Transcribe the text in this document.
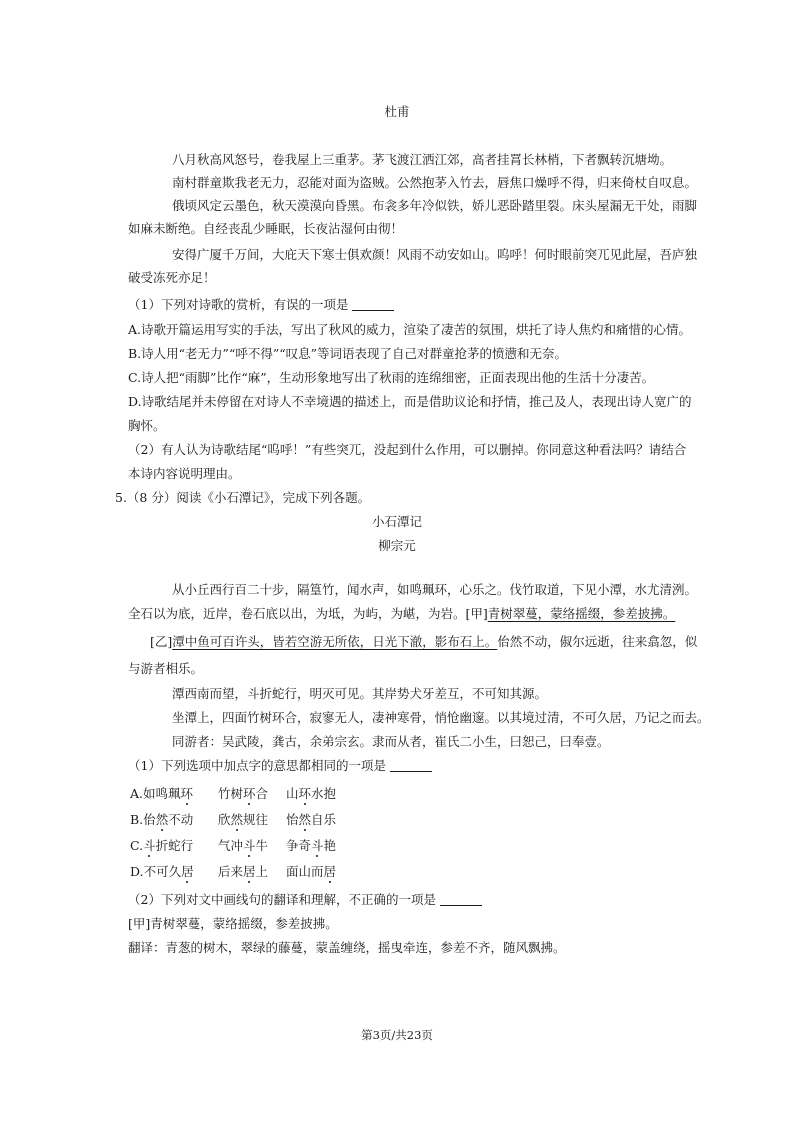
杜甫
八月秋高风怒号，卷我屋上三重茅。茅飞渡江洒江郊，高者挂罥长林梢，下者飘转沉塘坳。
南村群童欺我老无力，忍能对面为盗贼。公然抱茅入竹去，唇焦口燥呼不得，归来倚杖自叹息。
俄顷风定云墨色，秋天漠漠向昏黑。布衾多年冷似铁，娇儿恶卧踏里裂。床头屋漏无干处，雨脚
如麻未断绝。自经丧乱少睡眠，长夜沾湿何由彻！
安得广厦千万间，大庇天下寒士俱欢颜！风雨不动安如山。呜呼！何时眼前突兀见此屋，吾庐独
破受冻死亦足！
（1）下列对诗歌的赏析，有误的一项是
A.诗歌开篇运用写实的手法，写出了秋风的威力，渲染了凄苦的氛围，烘托了诗人焦灼和痛惜的心情。
B.诗人用“老无力”“呼不得”“叹息”等词语表现了自己对群童抢茅的愤懑和无奈。
C.诗人把“雨脚”比作“麻”，生动形象地写出了秋雨的连绵细密，正面表现出他的生活十分凄苦。
D.诗歌结尾并未停留在对诗人不幸境遇的描述上，而是借助议论和抒情，推己及人，表现出诗人宽广的
胸怀。
（2）有人认为诗歌结尾“呜呼！”有些突兀，没起到什么作用，可以删掉。你同意这种看法吗？请结合
本诗内容说明理由。
5.（8 分）阅读《小石潭记》，完成下列各题。
小石潭记
柳宗元
从小丘西行百二十步，隔篁竹，闻水声，如鸣珮环，心乐之。伐竹取道，下见小潭，水尤清洌。
全石以为底，近岸，卷石底以出，为坻，为屿，为嵁，为岩。[甲]青树翠蔓，蒙络摇缀，参差披拂。
[乙]潭中鱼可百许头，皆若空游无所依，日光下澈，影布石上。佁然不动，俶尔远逝，往来翕忽，似
与游者相乐。
潭西南而望，斗折蛇行，明灭可见。其岸势犬牙差互，不可知其源。
坐潭上，四面竹树环合，寂寥无人，凄神寒骨，悄怆幽邃。以其境过清，不可久居，乃记之而去。
同游者：吴武陵，龚古，余弟宗玄。隶而从者，崔氏二小生，曰恕己，曰奉壹。
（1）下列选项中加点字的意思都相同的一项是
A.如鸣珮环 竹树环合 山环水抱
B.佁然不动 欣然规往 怡然自乐
C.斗折蛇行 气冲斗牛 争奇斗艳
D.不可久居 后来居上 面山而居
（2）下列对文中画线句的翻译和理解，不正确的一项是
[甲]青树翠蔓，蒙络摇缀，参差披拂。
翻译：青葱的树木，翠绿的藤蔓，蒙盖缠绕，摇曳牵连，参差不齐，随风飘拂。
第3页/共23页
